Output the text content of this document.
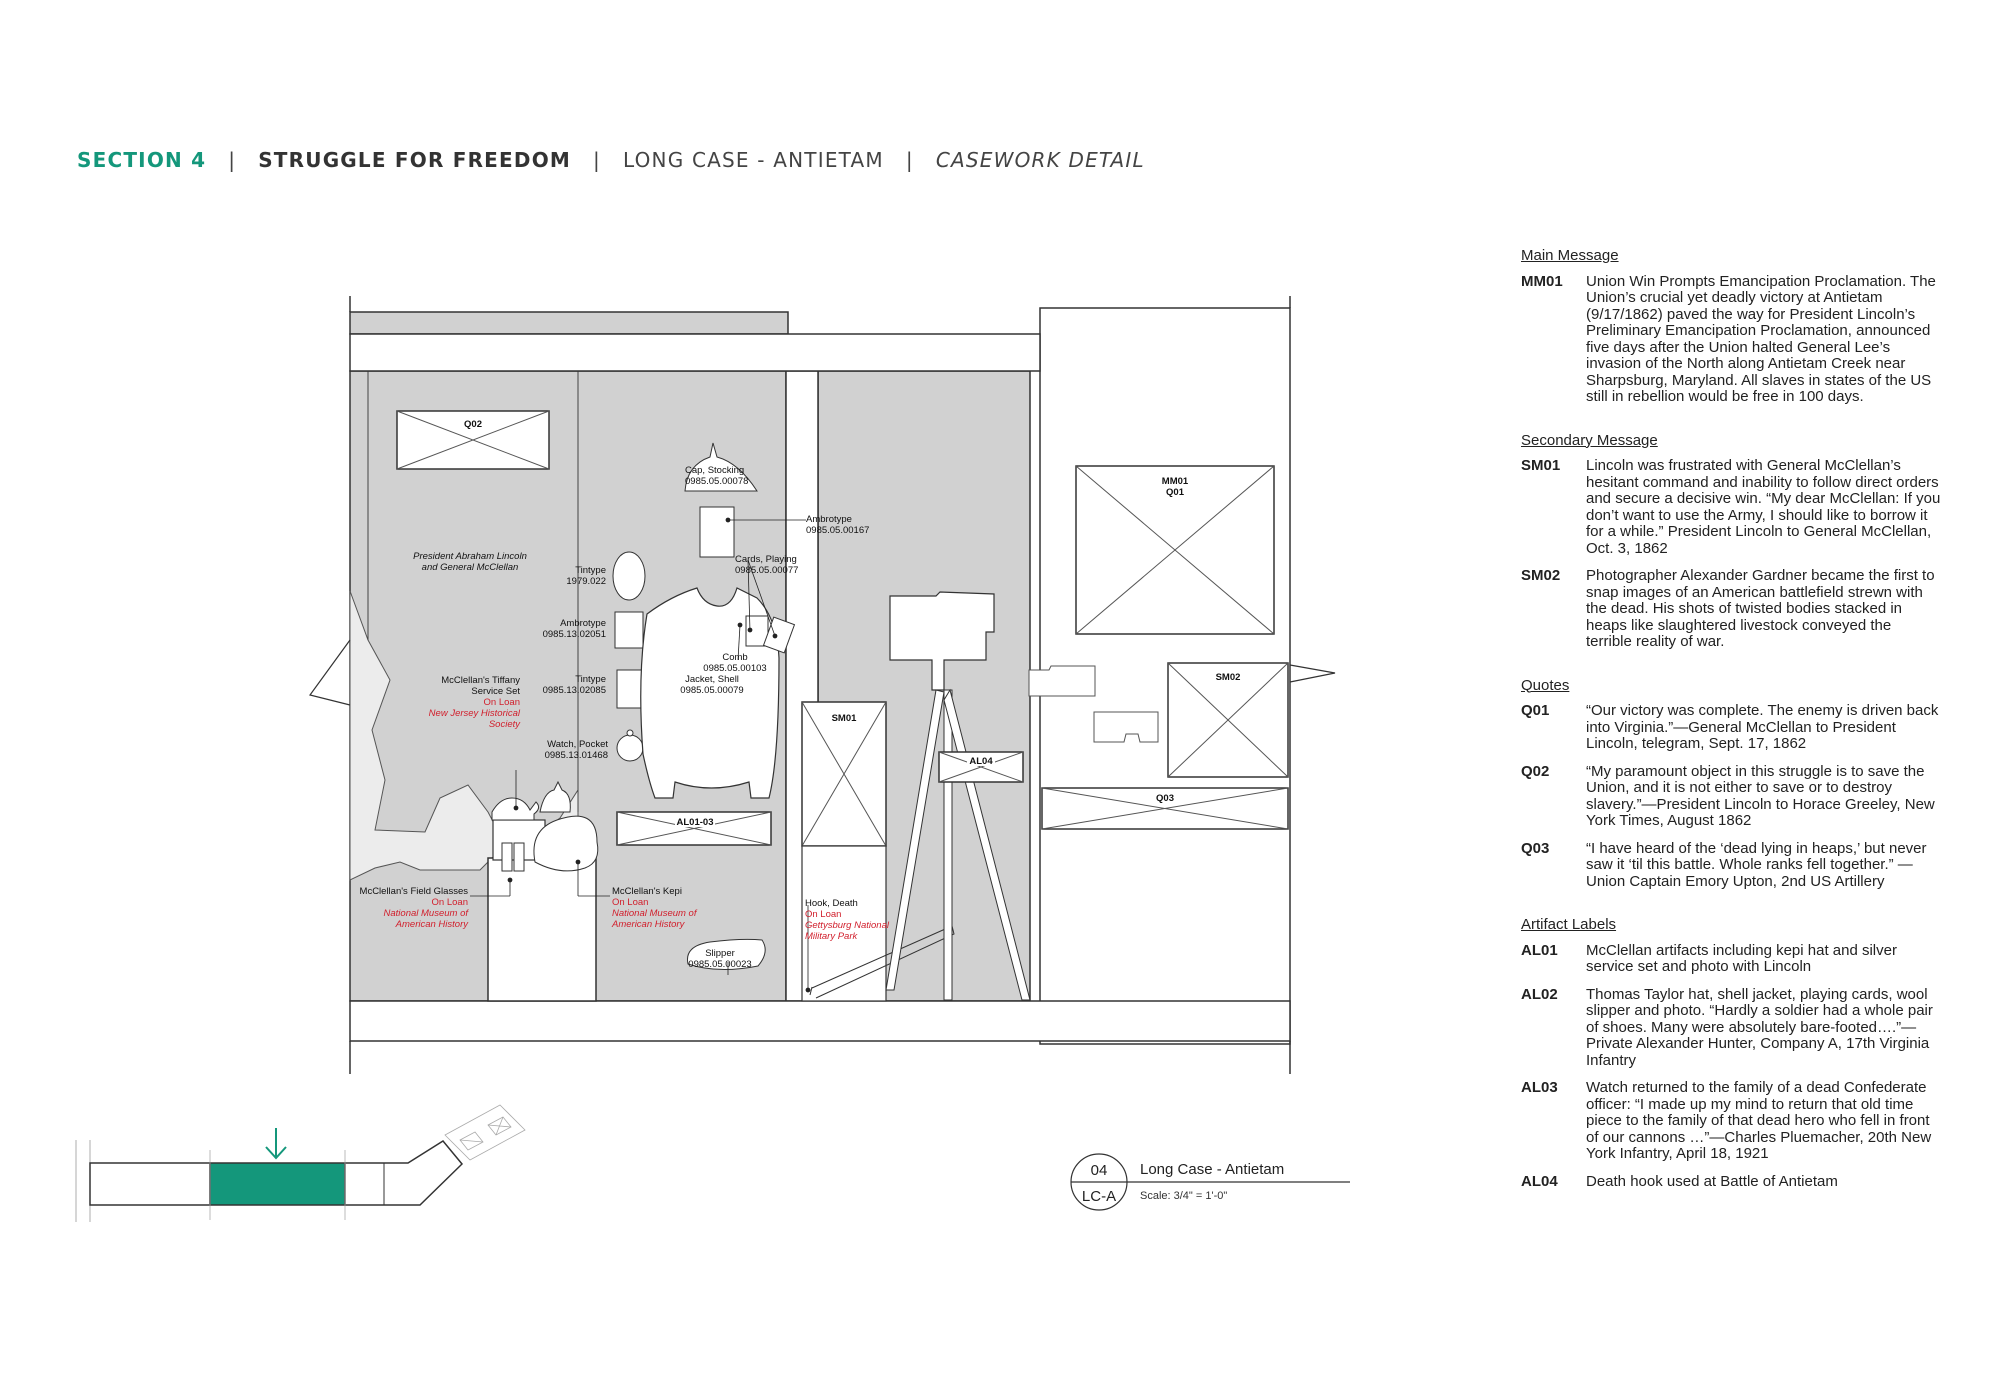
SECTION 4 | STRUGGLE FOR FREEDOM | LONG CASE - ANTIETAM | CASEWORK DETAIL
Q02
AL01-03
SM01
AL04
MM01
Q01
SM02
Q03
President Abraham Lincoln
and General McClellan
Cap, Stocking
0985.05.00078
Ambrotype
0985.05.00167
Cards, Playing
0985.05.00077
Tintype
1979.022
Ambrotype
0985.13.02051
Comb
0985.05.00103
Jacket, Shell
0985.05.00079
Tintype
0985.13.02085
Watch, Pocket
0985.13.01468
McClellan's Tiffany
Service Set
On Loan
New Jersey Historical
Society
McClellan's Field Glasses
On Loan
National Museum of
American History
McClellan's Kepi
On Loan
National Museum of
American History
Slipper
0985.05.00023
Hook, Death
On Loan
Gettysburg National
Military Park
04
LC-A
Long Case - Antietam
Scale: 3/4" = 1'-0"
Main Message
MM01	Union Win Prompts Emancipation Proclamation. The Union’s crucial yet deadly victory at Antietam (9/17/1862) paved the way for President Lincoln’s Preliminary Emancipation Proclamation, announced five days after the Union halted General Lee’s invasion of the North along Antietam Creek near Sharpsburg, Maryland. All slaves in states of the US still in rebellion would be free in 100 days.
Secondary Message
SM01	Lincoln was frustrated with General McClellan’s hesitant command and inability to follow direct orders and secure a decisive win. “My dear McClellan: If you don’t want to use the Army, I should like to borrow it for a while.” President Lincoln to General McClellan, Oct. 3, 1862
SM02	Photographer Alexander Gardner became the first to snap images of an American battlefield strewn with the dead. His shots of twisted bodies stacked in heaps like slaughtered livestock conveyed the terrible reality of war.
Quotes
Q01	“Our victory was complete. The enemy is driven back into Virginia.”—General McClellan to President Lincoln, telegram, Sept. 17, 1862
Q02	“My paramount object in this struggle is to save the Union, and it is not either to save or to destroy slavery.”—President Lincoln to Horace Greeley, New York Times, August 1862
Q03	“I have heard of the ‘dead lying in heaps,’ but never saw it ‘til this battle. Whole ranks fell together.” —Union Captain Emory Upton, 2nd US Artillery
Artifact Labels
AL01	McClellan artifacts including kepi hat and silver service set and photo with Lincoln
AL02	Thomas Taylor hat, shell jacket, playing cards, wool slipper and photo. “Hardly a soldier had a whole pair of shoes. Many were absolutely bare-footed….”—Private Alexander Hunter, Company A, 17th Virginia Infantry
AL03	Watch returned to the family of a dead Confederate officer: “I made up my mind to return that old time piece to the family of that dead hero who fell in front of our cannons …”—Charles Pluemacher, 20th New York Infantry, April 18, 1921
AL04	Death hook used at Battle of Antietam
